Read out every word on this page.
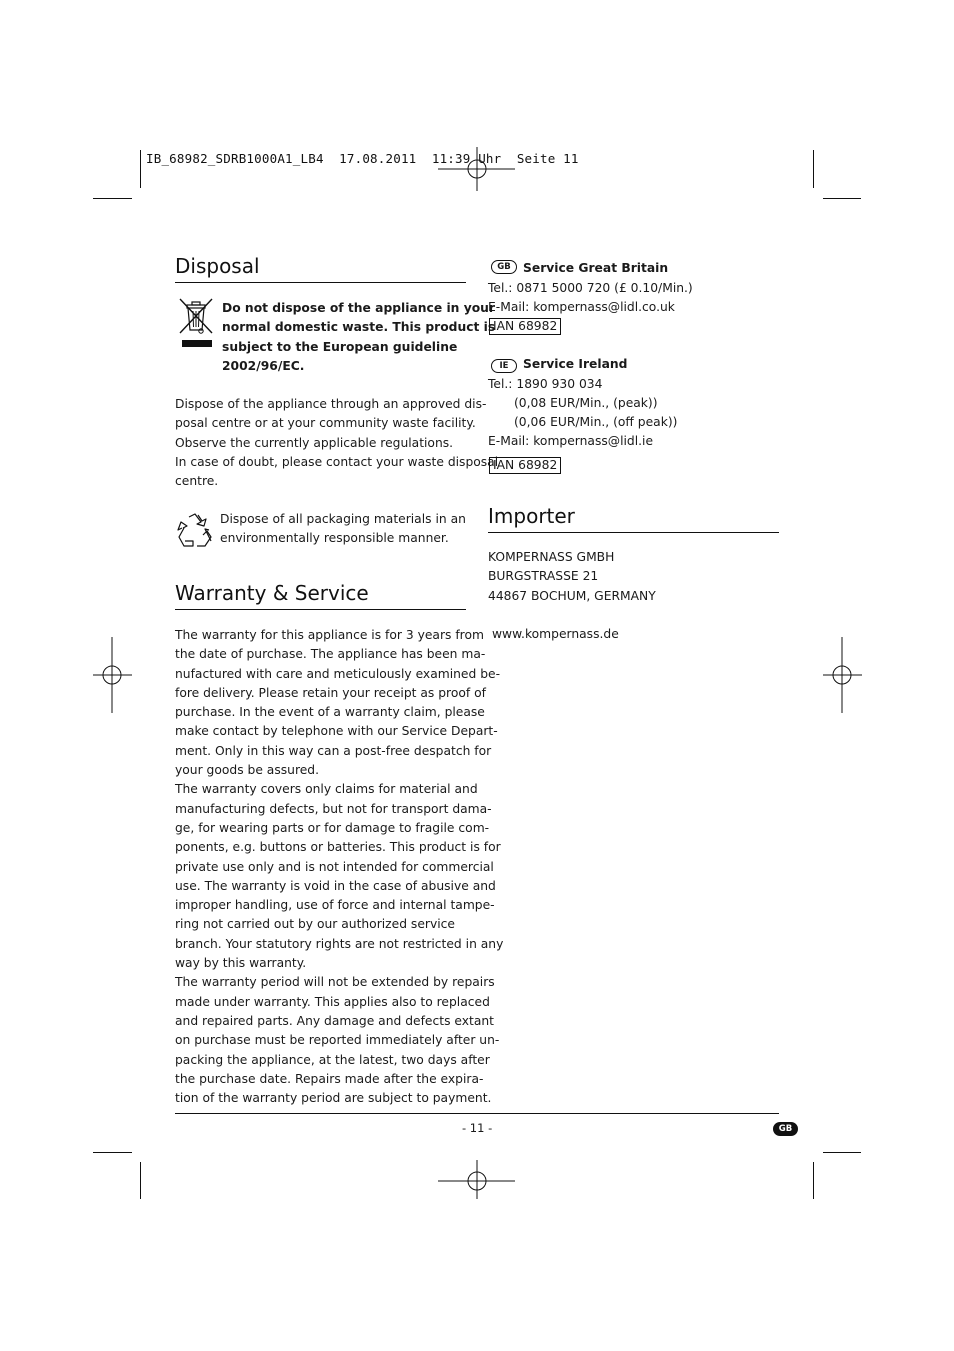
IB_68982_SDRB1000A1_LB4  17.08.2011  11:39 Uhr  Seite 11
Disposal

Do not dispose of the appliance in your
normal domestic waste. This product is
subject to the European guideline
2002/96/EC.

Dispose of the appliance through an approved dis-
posal centre or at your community waste facility.
Observe the currently applicable regulations.
In case of doubt, please contact your waste disposal
centre.

Dispose of all packaging materials in an
environmentally responsible manner.

Warranty & Service

The warranty for this appliance is for 3 years from
the date of purchase. The appliance has been ma-
nufactured with care and meticulously examined be-
fore delivery. Please retain your receipt as proof of
purchase. In the event of a warranty claim, please
make contact by telephone with our Service Depart-
ment. Only in this way can a post-free despatch for
your goods be assured.
The warranty covers only claims for material and
manufacturing defects, but not for transport dama-
ge, for wearing parts or for damage to fragile com-
ponents, e.g. buttons or batteries. This product is for
private use only and is not intended for commercial
use. The warranty is void in the case of abusive and
improper handling, use of force and internal tampe-
ring not carried out by our authorized service
branch. Your statutory rights are not restricted in any
way by this warranty.
The warranty period will not be extended by repairs
made under warranty. This applies also to replaced
and repaired parts. Any damage and defects extant
on purchase must be reported immediately after un-
packing the appliance, at the latest, two days after
the purchase date. Repairs made after the expira-
tion of the warranty period are subject to payment.

GB Service Great Britain

Tel.: 0871 5000 720 (£ 0.10/Min.)

E-Mail: kompernass@lidl.co.uk

IAN 68982
IE	Service Ireland

Tel.: 1890 930 034

(0,08 EUR/Min., (peak))

(0,06 EUR/Min., (off peak))

E-Mail: kompernass@lidl.ie

IAN 68982
Importer

KOMPERNASS GMBH
BURGSTRASSE 21
44867 BOCHUM, GERMANY

www.kompernass.de

- 11 -	GB
